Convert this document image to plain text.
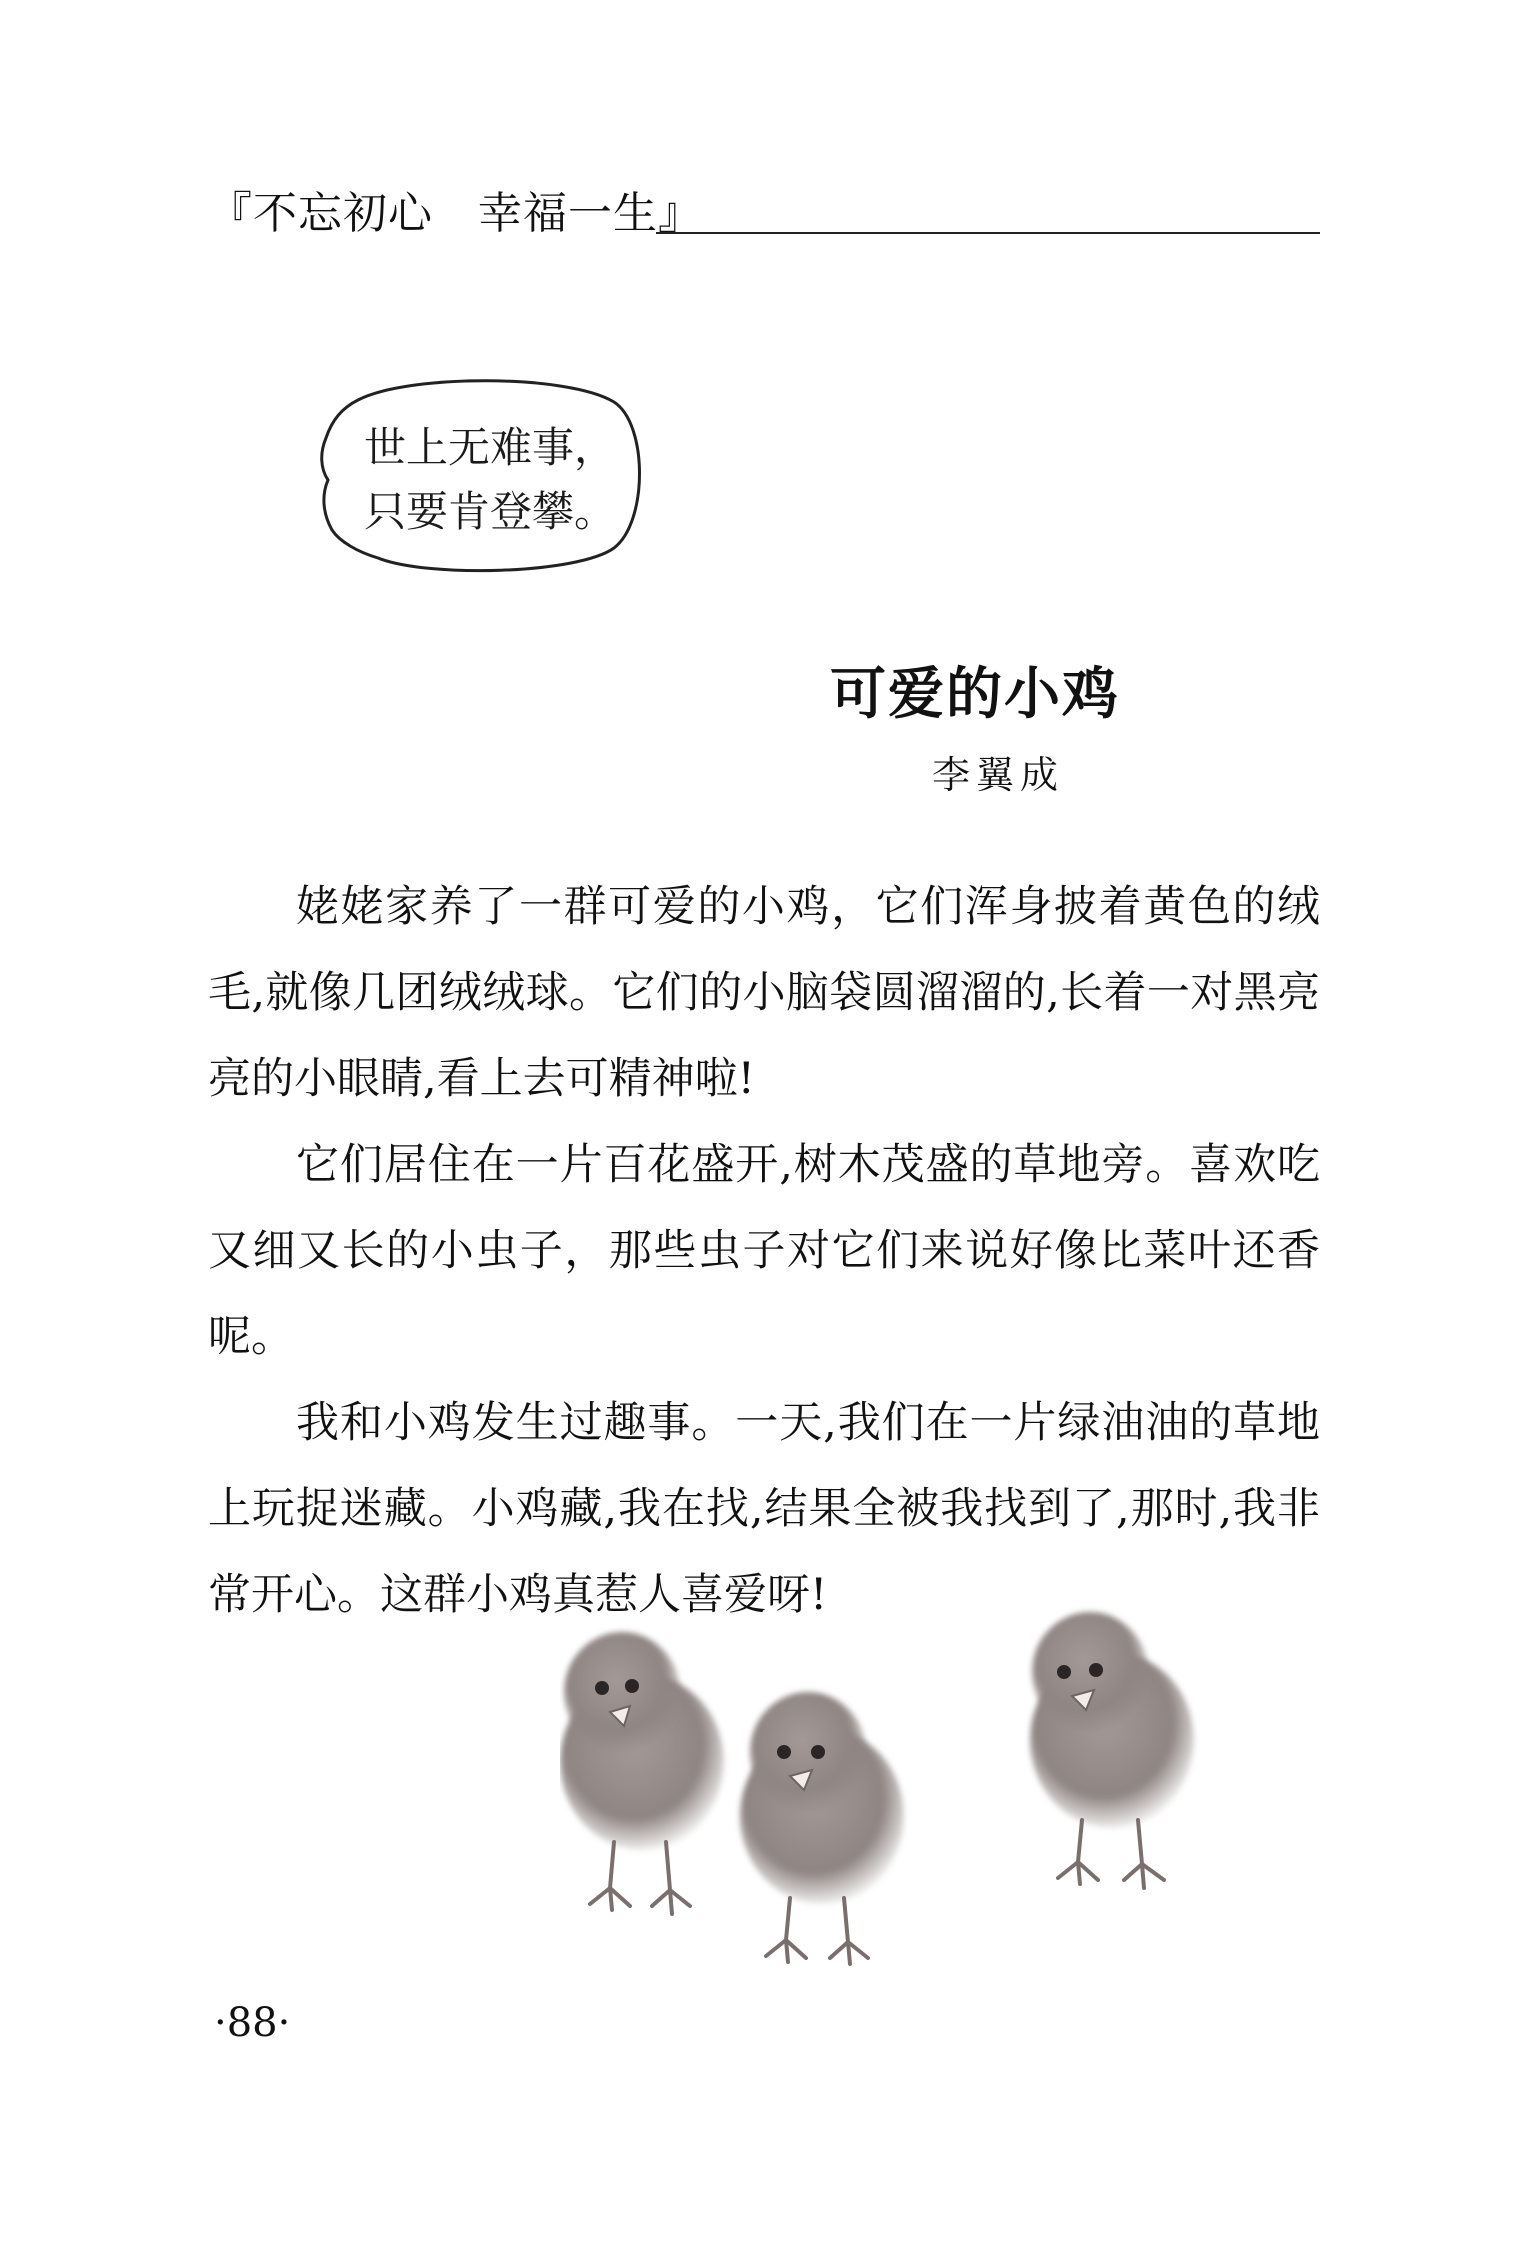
『不忘初心　幸福一生』
世上无难事，
只要肯登攀。
可爱的小鸡
李翼成

姥姥家养了一群可爱的小鸡，它们浑身披着黄色的绒毛,就像几团绒绒球。它们的小脑袋圆溜溜的,长着一对黑亮亮的小眼睛,看上去可精神啦!

它们居住在一片百花盛开,树木茂盛的草地旁。喜欢吃又细又长的小虫子，那些虫子对它们来说好像比菜叶还香呢。

我和小鸡发生过趣事。一天,我们在一片绿油油的草地上玩捉迷藏。小鸡藏,我在找,结果全被我找到了,那时,我非常开心。这群小鸡真惹人喜爱呀!

·88·
